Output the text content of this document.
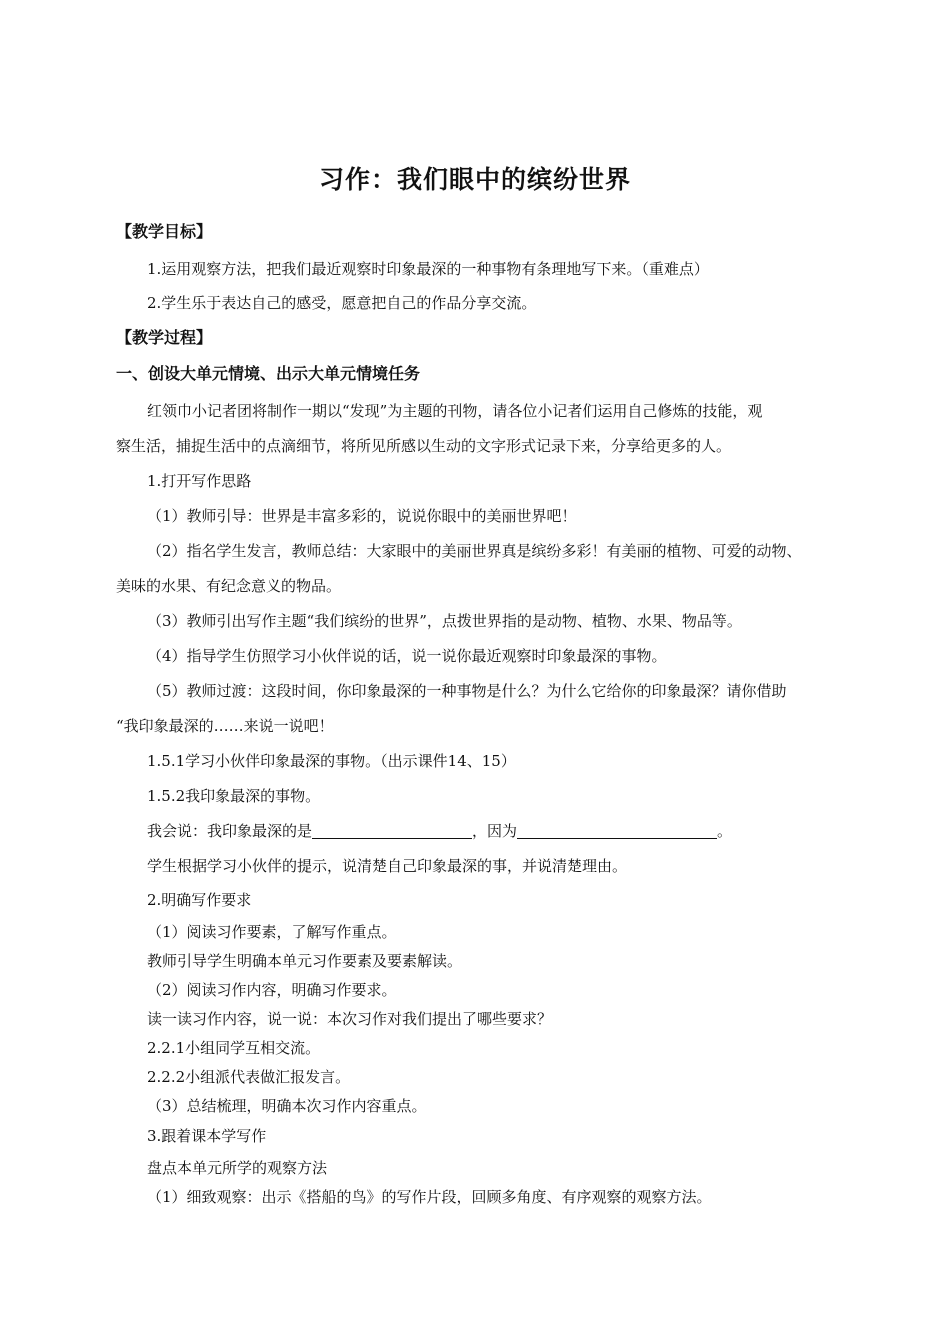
习作：我们眼中的缤纷世界
【教学目标】
1.运用观察方法，把我们最近观察时印象最深的一种事物有条理地写下来。（重难点）
2.学生乐于表达自己的感受，愿意把自己的作品分享交流。
【教学过程】
一、创设大单元情境、出示大单元情境任务
红领巾小记者团将制作一期以“发现”为主题的刊物，请各位小记者们运用自己修炼的技能，观
察生活，捕捉生活中的点滴细节，将所见所感以生动的文字形式记录下来，分享给更多的人。
1.打开写作思路
（1）教师引导：世界是丰富多彩的，说说你眼中的美丽世界吧！
（2）指名学生发言，教师总结：大家眼中的美丽世界真是缤纷多彩！有美丽的植物、可爱的动物、
美味的水果、有纪念意义的物品。
（3）教师引出写作主题“我们缤纷的世界”，点拨世界指的是动物、植物、水果、物品等。
（4）指导学生仿照学习小伙伴说的话，说一说你最近观察时印象最深的事物。
（5）教师过渡：这段时间，你印象最深的一种事物是什么？为什么它给你的印象最深？请你借助
“我印象最深的……来说一说吧！
1.5.1学习小伙伴印象最深的事物。（出示课件14、15）
1.5.2我印象最深的事物。
我会说：我印象最深的是	，因为	。
学生根据学习小伙伴的提示，说清楚自己印象最深的事，并说清楚理由。
2.明确写作要求
（1）阅读习作要素，了解写作重点。
教师引导学生明确本单元习作要素及要素解读。
（2）阅读习作内容，明确习作要求。
读一读习作内容，说一说：本次习作对我们提出了哪些要求？
2.2.1小组同学互相交流。
2.2.2小组派代表做汇报发言。
（3）总结梳理，明确本次习作内容重点。
3.跟着课本学写作
盘点本单元所学的观察方法
（1）细致观察：出示《搭船的鸟》的写作片段，回顾多角度、有序观察的观察方法。
